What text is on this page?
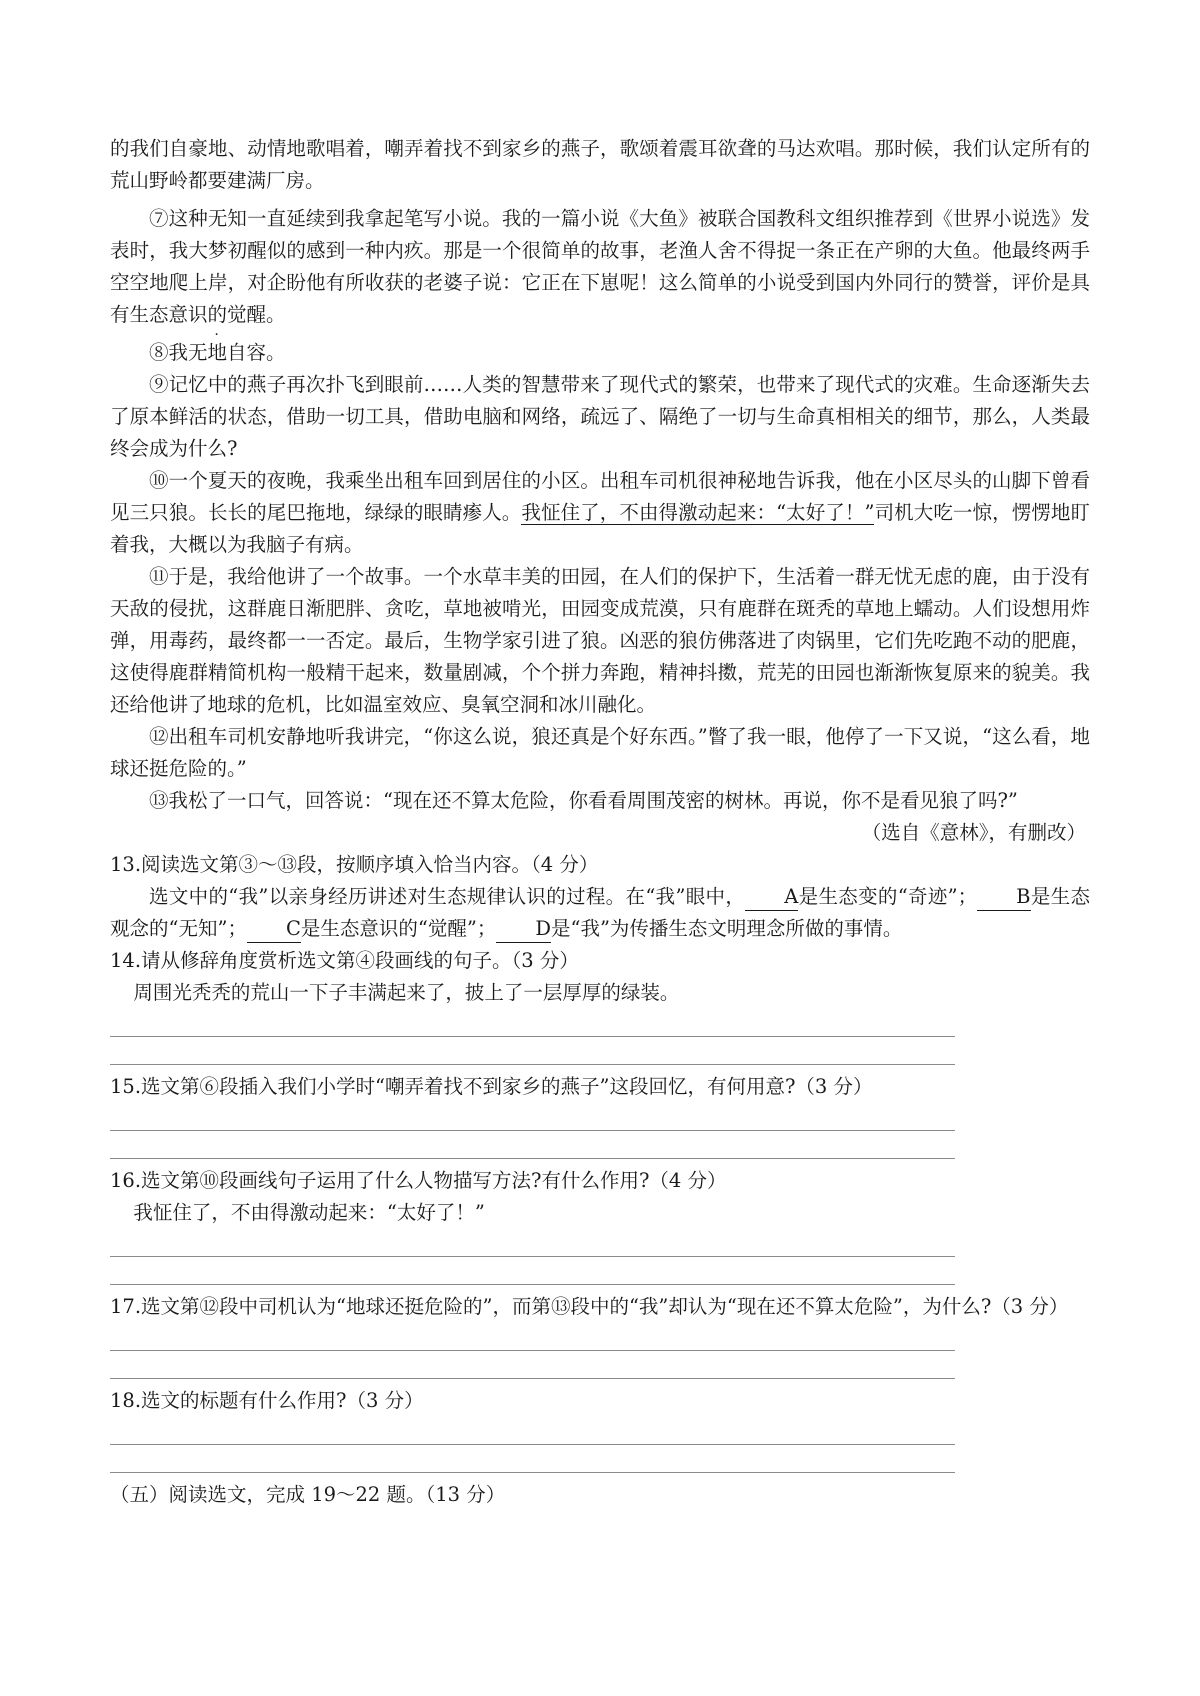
的我们自豪地、动情地歌唱着，嘲弄着找不到家乡的燕子，歌颂着震耳欲聋的马达欢唱。那时候，我们认定所有的荒山野岭都要建满厂房。

⑦这种无知一直延续到我拿起笔写小说。我的一篇小说《大鱼》被联合国教科文组织推荐到《世界小说选》发表时，我大梦初醒似的感到一种内疚。那是一个很简单的故事，老渔人舍不得捉一条正在产卵的大鱼。他最终两手空空地爬上岸，对企盼他有所收获的老婆子说：它正在下崽呢！这么简单的小说受到国内外同行的赞誉，评价是具有生态意识的觉醒 · ·。

⑧我无地自容。

⑨记忆中的燕子再次扑飞到眼前……人类的智慧带来了现代式的繁荣，也带来了现代式的灾难。生命逐渐失去了原本鲜活的状态，借助一切工具，借助电脑和网络，疏远了、隔绝了一切与生命真相相关的细节，那么，人类最终会成为什么?

⑩一个夏天的夜晚，我乘坐出租车回到居住的小区。出租车司机很神秘地告诉我，他在小区尽头的山脚下曾看见三只狼。长长的尾巴拖地，绿绿的眼睛瘆人。我怔住了，不由得激动起来：“太好了！”司机大吃一惊，愣愣地盯着我，大概以为我脑子有病。

⑪于是，我给他讲了一个故事。一个水草丰美的田园，在人们的保护下，生活着一群无忧无虑的鹿，由于没有天敌的侵扰，这群鹿日渐肥胖、贪吃，草地被啃光，田园变成荒漠，只有鹿群在斑秃的草地上蠕动。人们设想用炸弹，用毒药，最终都一一否定。最后，生物学家引进了狼。凶恶的狼仿佛落进了肉锅里，它们先吃跑不动的肥鹿，这使得鹿群精简机构一般精干起来，数量剧减，个个拼力奔跑，精神抖擞，荒芜的田园也渐渐恢复原来的貌美。我还给他讲了地球的危机，比如温室效应、臭氧空洞和冰川融化。

⑫出租车司机安静地听我讲完，“你这么说，狼还真是个好东西。”瞥了我一眼，他停了一下又说，“这么看，地球还挺危险的。”

⑬我松了一口气，回答说：“现在还不算太危险，你看看周围茂密的树林。再说，你不是看见狼了吗?”

（选自《意林》，有删改）

13.阅读选文第③～⑬段，按顺序填入恰当内容。（4 分）

选文中的“我”以亲身经历讲述对生态规律认识的过程。在“我”眼中， A是生态变的“奇迹”； B是生态观念的“无知”； C是生态意识的“觉醒”； D是“我”为传播生态文明理念所做的事情。

14.请从修辞角度赏析选文第④段画线的句子。（3 分）

周围光秃秃的荒山一下子丰满起来了，披上了一层厚厚的绿装。

15.选文第⑥段插入我们小学时“嘲弄着找不到家乡的燕子”这段回忆，有何用意?（3 分）

16.选文第⑩段画线句子运用了什么人物描写方法?有什么作用?（4 分）

我怔住了，不由得激动起来：“太好了！”

17.选文第⑫段中司机认为“地球还挺危险的”，而第⑬段中的“我”却认为“现在还不算太危险”，为什么?（3 分）

18.选文的标题有什么作用?（3 分）

（五）阅读选文，完成 19～22 题。（13 分）
